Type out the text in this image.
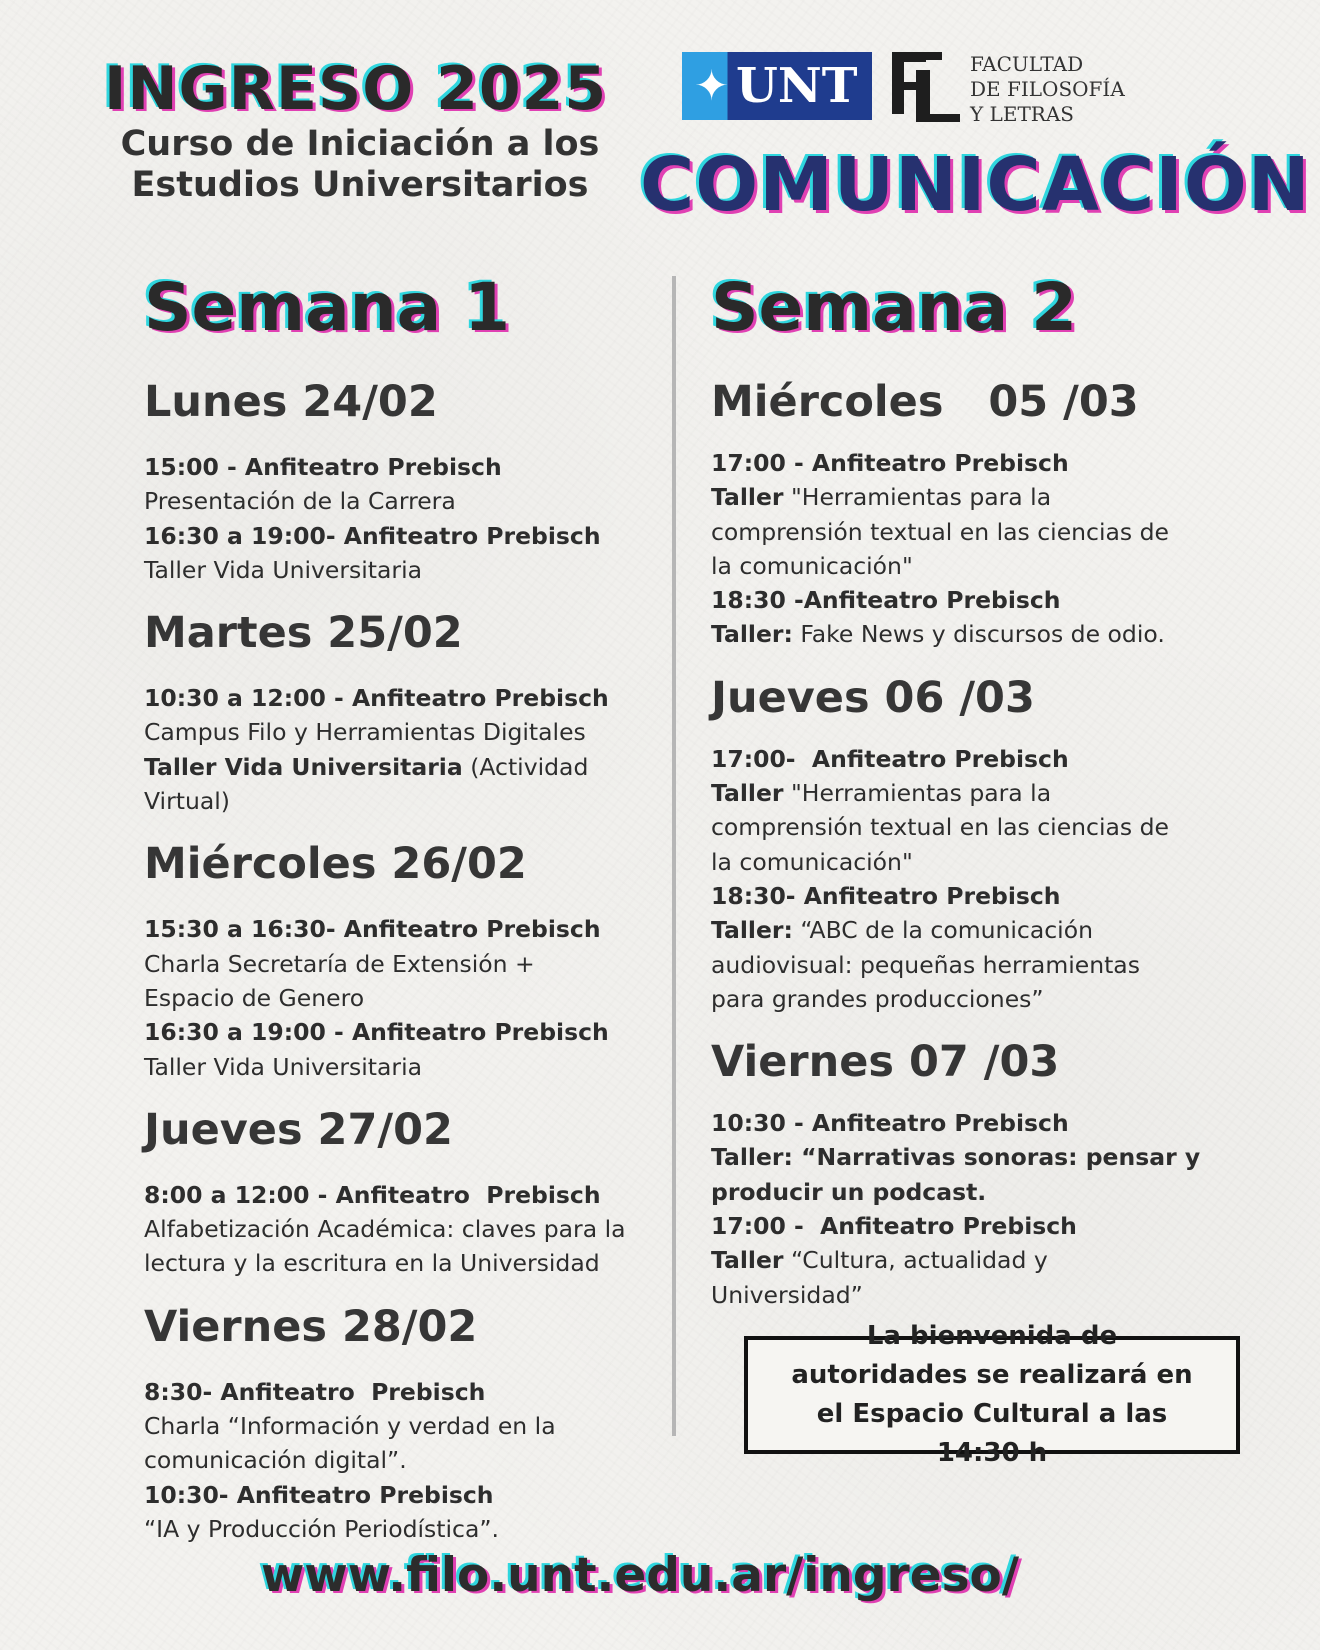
INGRESO 2025
Curso de Iniciación a los
Estudios Universitarios
✦ UNT	FACULTAD
DE FILOSOFÍA
Y LETRAS
COMUNICACIÓN
Semana 1
Lunes 24/02
15:00 - Anfiteatro Prebisch
Presentación de la Carrera
16:30 a 19:00- Anfiteatro Prebisch
Taller Vida Universitaria
Martes 25/02
10:30 a 12:00 - Anfiteatro Prebisch
Campus Filo y Herramientas Digitales
Taller Vida Universitaria (Actividad Virtual)
Miércoles 26/02
15:30 a 16:30- Anfiteatro Prebisch
Charla Secretaría de Extensión +
Espacio de Genero
16:30 a 19:00 - Anfiteatro Prebisch
Taller Vida Universitaria
Jueves 27/02
8:00 a 12:00 - Anfiteatro  Prebisch
Alfabetización Académica: claves para la
lectura y la escritura en la Universidad
Viernes 28/02
8:30- Anfiteatro  Prebisch
Charla “Información y verdad en la
comunicación digital”.
10:30- Anfiteatro Prebisch
“IA y Producción Periodística”.
Semana 2
Miércoles   05 /03
17:00 - Anfiteatro Prebisch
Taller "Herramientas para la
comprensión textual en las ciencias de
la comunicación"
18:30 -Anfiteatro Prebisch
Taller: Fake News y discursos de odio.
Jueves 06 /03
17:00-  Anfiteatro Prebisch
Taller "Herramientas para la
comprensión textual en las ciencias de
la comunicación"
18:30- Anfiteatro Prebisch
Taller: “ABC de la comunicación
audiovisual: pequeñas herramientas
para grandes producciones”
Viernes 07 /03
10:30 - Anfiteatro Prebisch
Taller: “Narrativas sonoras: pensar y
producir un podcast.
17:00 -  Anfiteatro Prebisch
Taller “Cultura, actualidad y
Universidad”
La bienvenida de autoridades se realizará en el Espacio Cultural a las 14:30 h
www.filo.unt.edu.ar/ingreso/
